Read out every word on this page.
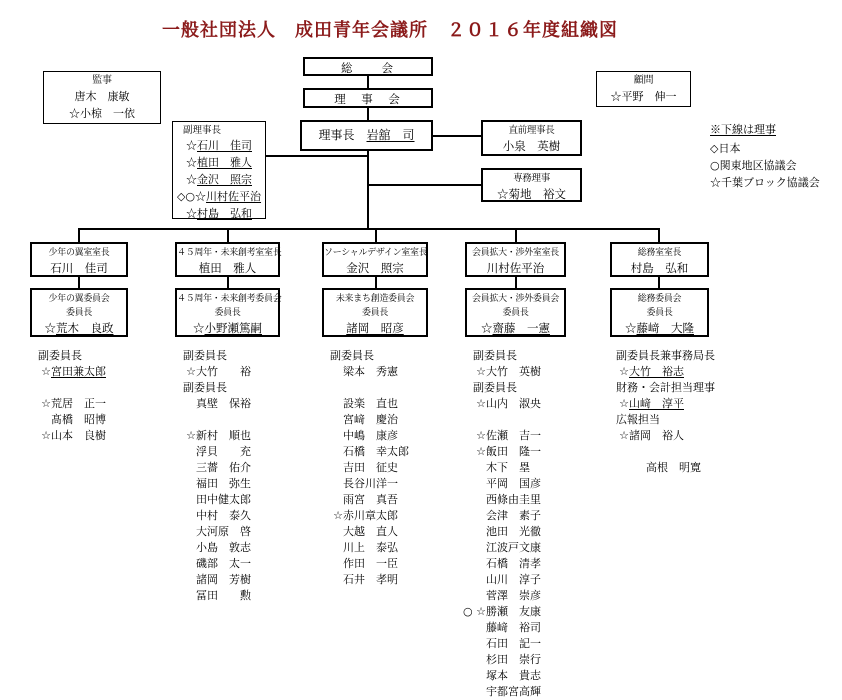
一般社団法人　成田青年会議所　２０１６年度組織図
総　　会
理　事　会
理事長　 岩舘　司
監事
唐木　康敏
☆小椋　一依
顧問
☆平野　伸一
副理事長
☆石川　佳司
☆植田　雅人
☆金沢　照宗
◇○☆川村佐平治
☆村島　弘和
直前理事長
小泉　英樹
専務理事
☆菊地　裕文
※下線は理事
◇日本
○関東地区協議会
☆千葉ブロック協議会
少年の翼室室長
石川　佳司
少年の翼委員会
委員長
☆荒木　良政
副委員長
☆ 宮田兼太郎
☆ 荒居　正一
髙橋　昭博
☆ 山本　良樹
４５周年・未来創考室室長
植田　雅人
４５周年・未来創考委員会
委員長
☆小野瀬篤嗣
副委員長
☆ 大竹　　裕
副委員長
真壁　保裕
☆ 新村　順也
浮貝　　充
三薔　佑介
福田　弥生
田中健太郎
中村　泰久
大河原　啓
小島　敦志
磯部　太一
諸岡　芳樹
冨田　　勲
ソーシャルデザイン室室長
金沢　照宗
未来まち創造委員会
委員長
諸岡　昭彦
副委員長
梁本　秀憲
設楽　直也
宮﨑　慶治
中嶋　康彦
石橋　幸太郎
吉田　征史
長谷川洋一
雨宮　真吾
☆ 赤川章太郎
大越　直人
川上　泰弘
作田　一臣
石井　孝明
会員拡大・渉外室室長
川村佐平治
会員拡大・渉外委員会
委員長
☆齋藤　一憲
副委員長
☆ 大竹　英樹
副委員長
☆ 山内　淑央
☆ 佐瀬　吉一
☆ 飯田　隆一
木下　塁
平岡　国彦
西條由圭里
会津　素子
池田　光徹
江波戸文康
石橋　清孝
山川　淳子
菅澤　崇彦
○ ☆ 勝瀬　友康
藤﨑　裕司
石田　記一
杉田　崇行
塚本　貴志
宇都宮高輝
総務室室長
村島　弘和
総務委員会
委員長
☆藤﨑　大隆
副委員長兼事務局長
☆ 大竹　裕志
財務・会計担当理事
☆ 山﨑　淳平
広報担当
☆ 諸岡　裕人
高根　明寛
